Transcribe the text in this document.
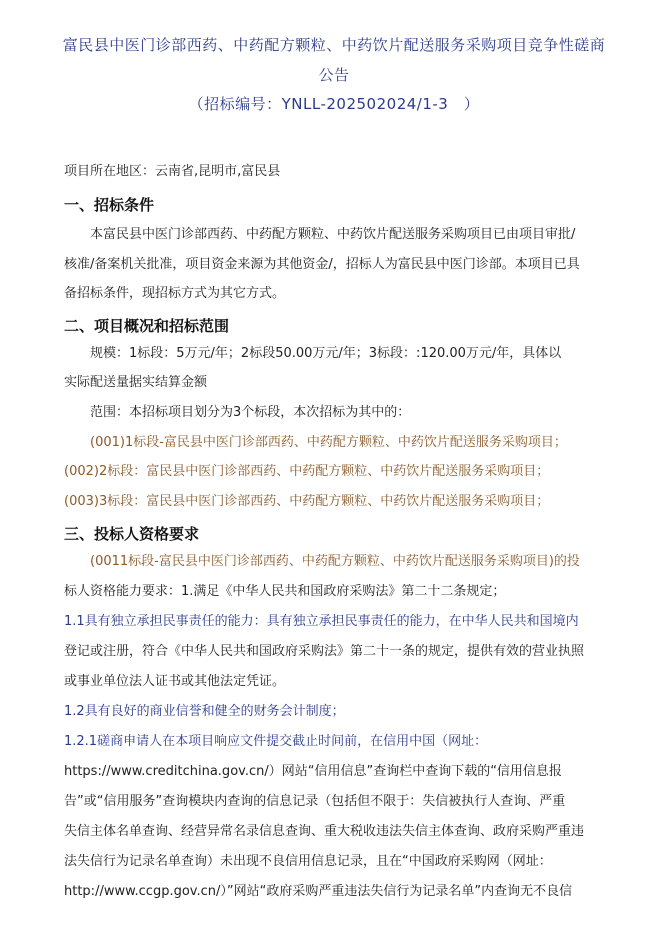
富民县中医门诊部西药、中药配方颗粒、中药饮片配送服务采购项目竞争性磋商
公告
（招标编号：YNLL-202502024/1-3　）
项目所在地区：云南省,昆明市,富民县
一、招标条件
本富民县中医门诊部西药、中药配方颗粒、中药饮片配送服务采购项目已由项目审批/
核准/备案机关批准，项目资金来源为其他资金/，招标人为富民县中医门诊部。本项目已具
备招标条件，现招标方式为其它方式。
二、项目概况和招标范围
规模：1标段：5万元/年；2标段50.00万元/年；3标段：:120.00万元/年，具体以
实际配送量据实结算金额
范围：本招标项目划分为3个标段，本次招标为其中的：
(001)1标段-富民县中医门诊部西药、中药配方颗粒、中药饮片配送服务采购项目；
(002)2标段：富民县中医门诊部西药、中药配方颗粒、中药饮片配送服务采购项目；
(003)3标段：富民县中医门诊部西药、中药配方颗粒、中药饮片配送服务采购项目；
三、投标人资格要求
(0011标段-富民县中医门诊部西药、中药配方颗粒、中药饮片配送服务采购项目)的投
标人资格能力要求：1.满足《中华人民共和国政府采购法》第二十二条规定；
1.1具有独立承担民事责任的能力：具有独立承担民事责任的能力，在中华人民共和国境内
登记或注册，符合《中华人民共和国政府采购法》第二十一条的规定，提供有效的营业执照
或事业单位法人证书或其他法定凭证。
1.2具有良好的商业信誉和健全的财务会计制度；
1.2.1磋商申请人在本项目响应文件提交截止时间前，在信用中国（网址：
https://www.creditchina.gov.cn/）网站“信用信息”查询栏中查询下载的“信用信息报
告”或“信用服务”查询模块内查询的信息记录（包括但不限于：失信被执行人查询、严重
失信主体名单查询、经营异常名录信息查询、重大税收违法失信主体查询、政府采购严重违
法失信行为记录名单查询）未出现不良信用信息记录，且在“中国政府采购网（网址：
http://www.ccgp.gov.cn/）”网站“政府采购严重违法失信行为记录名单”内查询无不良信
